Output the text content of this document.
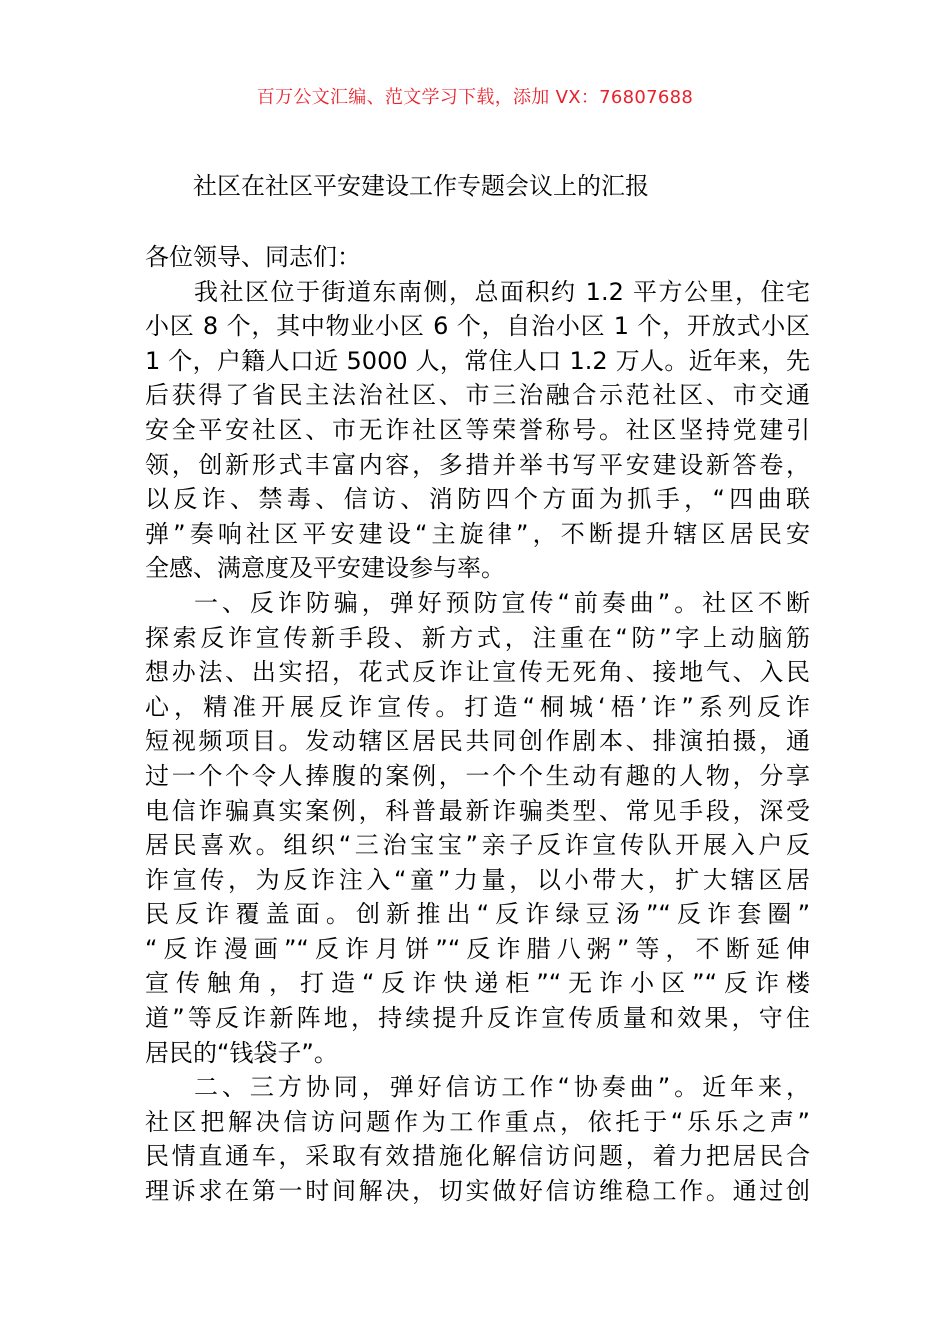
百万公文汇编、范文学习下载，添加 VX：76807688
社区在社区平安建设工作专题会议上的汇报
各位领导、同志们：
我社区位于街道东南侧，总面积约 1.2 平方公里，住宅
小区 8 个，其中物业小区 6 个，自治小区 1 个，开放式小区
1 个，户籍人口近 5000 人，常住人口 1.2 万人。近年来，先
后获得了省民主法治社区、市三治融合示范社区、市交通
安全平安社区、市无诈社区等荣誉称号。社区坚持党建引
领，创新形式丰富内容，多措并举书写平安建设新答卷，
以反诈、禁毒、信访、消防四个方面为抓手，“四曲联
弹”奏响社区平安建设“主旋律”，不断提升辖区居民安
全感、满意度及平安建设参与率。
一、反诈防骗，弹好预防宣传“前奏曲”。社区不断
探索反诈宣传新手段、新方式，注重在“防”字上动脑筋
想办法、出实招，花式反诈让宣传无死角、接地气、入民
心，精准开展反诈宣传。打造“桐城‘梧’诈”系列反诈
短视频项目。发动辖区居民共同创作剧本、排演拍摄，通
过一个个令人捧腹的案例，一个个生动有趣的人物，分享
电信诈骗真实案例，科普最新诈骗类型、常见手段，深受
居民喜欢。组织“三治宝宝”亲子反诈宣传队开展入户反
诈宣传，为反诈注入“童”力量，以小带大，扩大辖区居
民反诈覆盖面。创新推出“反诈绿豆汤”“反诈套圈”
“反诈漫画”“反诈月饼”“反诈腊八粥”等，不断延伸
宣传触角，打造“反诈快递柜”“无诈小区”“反诈楼
道”等反诈新阵地，持续提升反诈宣传质量和效果，守住
居民的“钱袋子”。
二、三方协同，弹好信访工作“协奏曲”。近年来，
社区把解决信访问题作为工作重点，依托于“乐乐之声”
民情直通车，采取有效措施化解信访问题，着力把居民合
理诉求在第一时间解决，切实做好信访维稳工作。通过创
